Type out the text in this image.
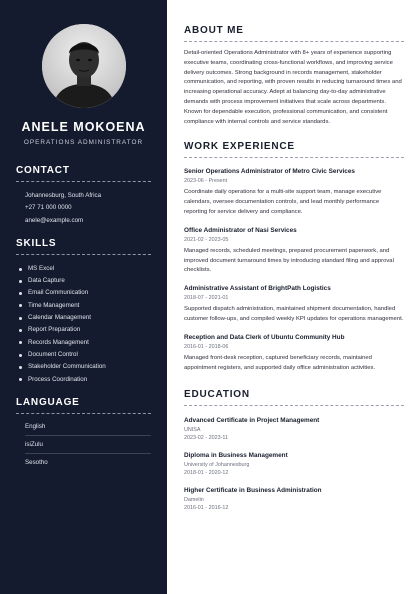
ANELE MOKOENA
OPERATIONS ADMINISTRATOR
CONTACT
Johannesburg, South Africa
+27 71 000 0000
anele@example.com
SKILLS
MS Excel
Data Capture
Email Communication
Time Management
Calendar Management
Report Preparation
Records Management
Document Control
Stakeholder Communication
Process Coordination
LANGUAGE
English
isiZulu
Sesotho
ABOUT ME

Detail-oriented Operations Administrator with 8+ years of experience supporting executive teams, coordinating cross-functional workflows, and improving service delivery outcomes. Strong background in records management, stakeholder communication, and reporting, with proven results in reducing turnaround times and increasing operational accuracy. Adept at balancing day-to-day administrative demands with process improvement initiatives that scale across departments. Known for dependable execution, professional communication, and consistent compliance with internal controls and service standards.

WORK EXPERIENCE
Senior Operations Administrator of Metro Civic Services
2023-06 - Present
Coordinate daily operations for a multi-site support team, manage executive calendars, oversee documentation controls, and lead monthly performance reporting for service delivery and compliance.
Office Administrator of Nasi Services
2021-02 - 2023-05
Managed records, scheduled meetings, prepared procurement paperwork, and improved document turnaround times by introducing standard filing and approval checklists.
Administrative Assistant of BrightPath Logistics
2018-07 - 2021-01
Supported dispatch administration, maintained shipment documentation, handled customer follow-ups, and compiled weekly KPI updates for operations management.
Reception and Data Clerk of Ubuntu Community Hub
2016-01 - 2018-06
Managed front-desk reception, captured beneficiary records, maintained appointment registers, and supported daily office administration activities.
EDUCATION
Advanced Certificate in Project Management
UNISA
2023-02 - 2023-11
Diploma in Business Management
University of Johannesburg
2018-01 - 2020-12
Higher Certificate in Business Administration
Damelin
2016-01 - 2016-12
